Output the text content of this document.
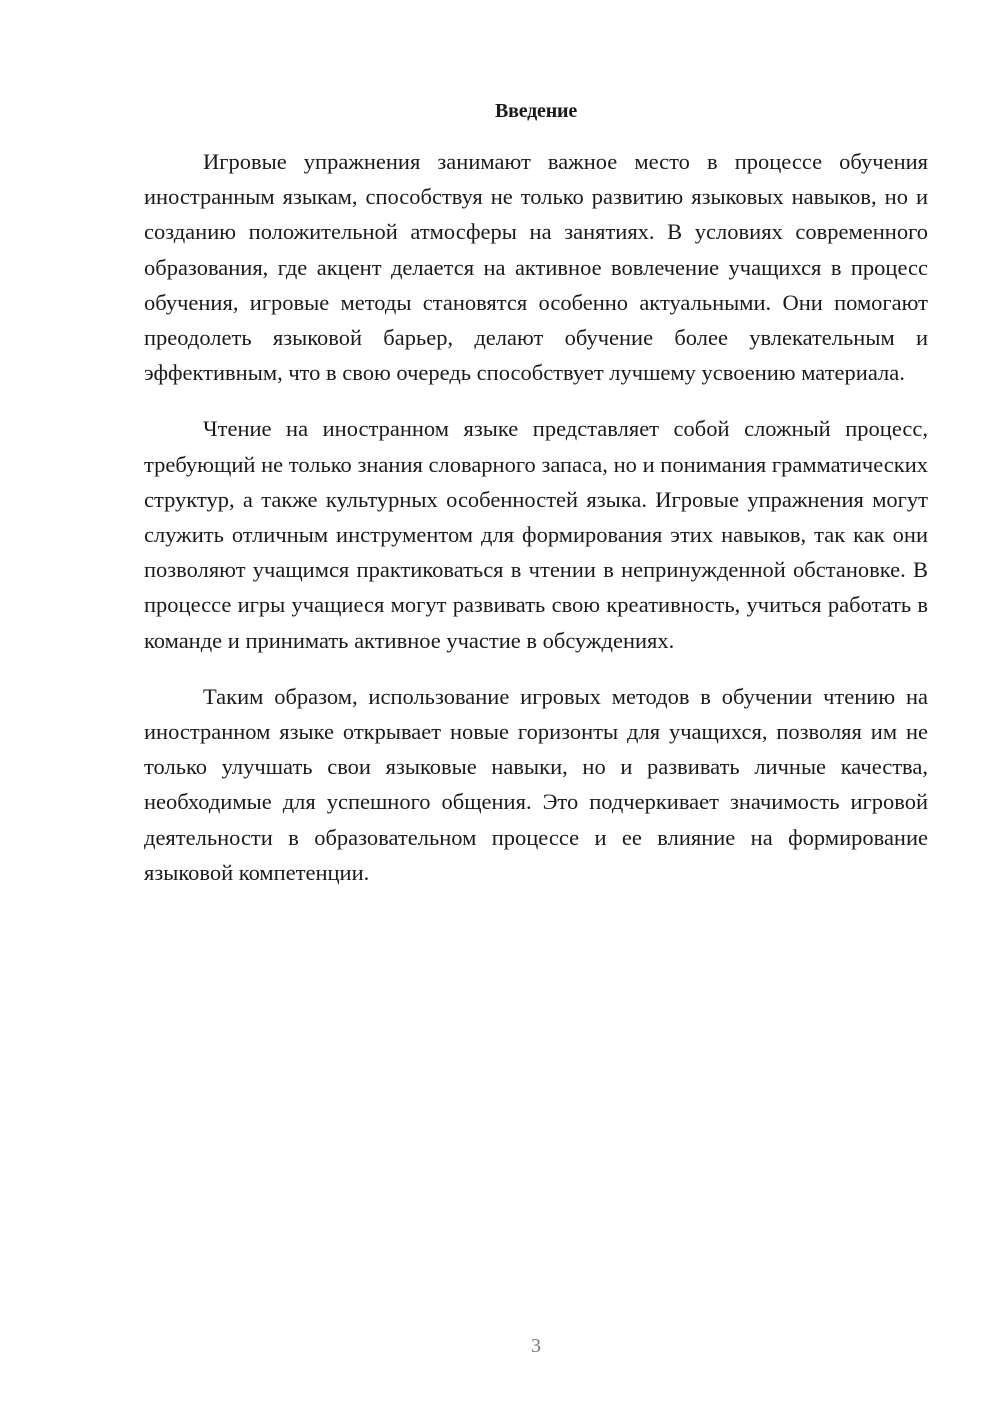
Введение

Игровые упражнения занимают важное место в процессе обучения иностранным языкам, способствуя не только развитию языковых навыков, но и созданию положительной атмосферы на занятиях. В условиях современного образования, где акцент делается на активное вовлечение учащихся в процесс обучения, игровые методы становятся особенно актуальными. Они помогают преодолеть языковой барьер, делают обучение более увлекательным и эффективным, что в свою очередь способствует лучшему усвоению материала.

Чтение на иностранном языке представляет собой сложный процесс, требующий не только знания словарного запаса, но и понимания грамматических структур, а также культурных особенностей языка. Игровые упражнения могут служить отличным инструментом для формирования этих навыков, так как они позволяют учащимся практиковаться в чтении в непринужденной обстановке. В процессе игры учащиеся могут развивать свою креативность, учиться работать в команде и принимать активное участие в обсуждениях.

Таким образом, использование игровых методов в обучении чтению на иностранном языке открывает новые горизонты для учащихся, позволяя им не только улучшать свои языковые навыки, но и развивать личные качества, необходимые для успешного общения. Это подчеркивает значимость игровой деятельности в образовательном процессе и ее влияние на формирование языковой компетенции.

3
